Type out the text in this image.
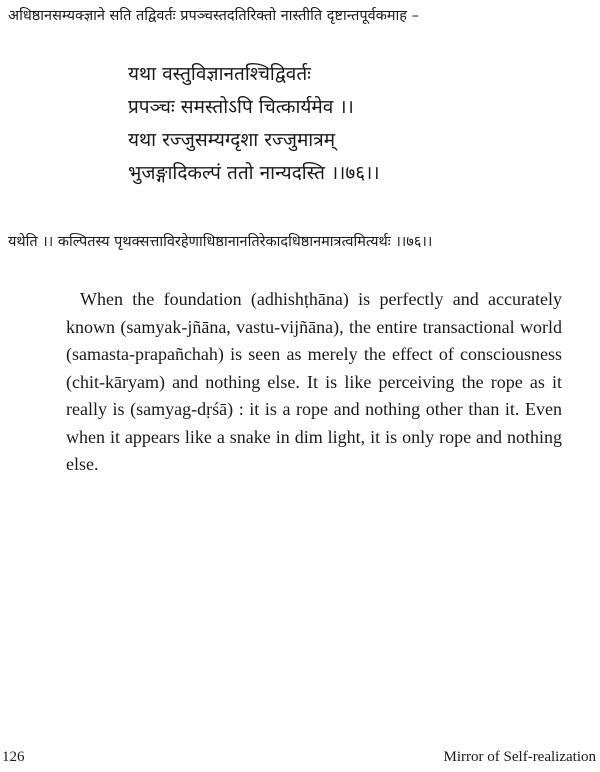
अधिष्ठानसम्यक्ज्ञाने सति तद्विवर्तः प्रपञ्चस्तदतिरिक्तो नास्तीति दृष्टान्तपूर्वकमाह –
यथा वस्तुविज्ञानतश्चिद्विवर्तः
प्रपञ्चः समस्तोऽपि चित्कार्यमेव ।।
यथा रज्जुसम्यग्दृशा रज्जुमात्रम्
भुजङ्गादिकल्पं ततो नान्यदस्ति ।।७६।।
यथेति ।। कल्पितस्य पृथक्सत्ताविरहेणाधिष्ठानानतिरेकादधिष्ठानमात्रत्वमित्यर्थः ।।७६।।

When the foundation (adhishṭhāna) is perfectly and accurately known (samyak-jñāna, vastu-vijñāna), the entire transactional world (samasta-prapañchah) is seen as merely the effect of consciousness (chit-kāryam) and nothing else. It is like perceiving the rope as it really is (samyag-dṛśā) : it is a rope and nothing other than it. Even when it appears like a snake in dim light, it is only rope and nothing else.

126	Mirror of Self-realization
